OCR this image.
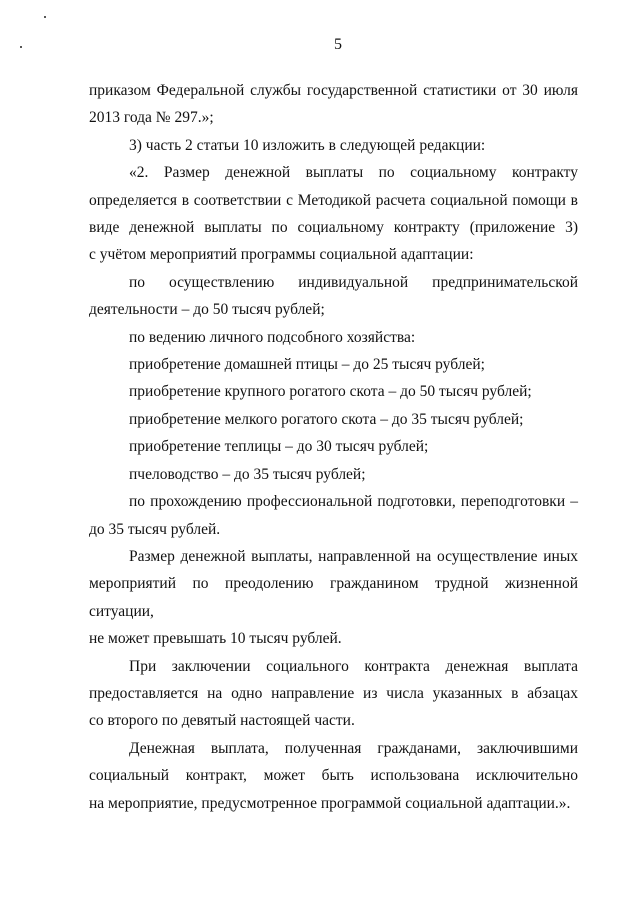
5
приказом Федеральной службы государственной статистики от 30 июля
2013 года № 297.»;
3) часть 2 статьи 10 изложить в следующей редакции:
«2. Размер денежной выплаты по социальному контракту
определяется в соответствии с Методикой расчета социальной помощи в
виде денежной выплаты по социальному контракту (приложение 3)
с учётом мероприятий программы социальной адаптации:
по осуществлению индивидуальной предпринимательской
деятельности – до 50 тысяч рублей;
по ведению личного подсобного хозяйства:
приобретение домашней птицы – до 25 тысяч рублей;
приобретение крупного рогатого скота – до 50 тысяч рублей;
приобретение мелкого рогатого скота – до 35 тысяч рублей;
приобретение теплицы – до 30 тысяч рублей;
пчеловодство – до 35 тысяч рублей;
по прохождению профессиональной подготовки, переподготовки –
до 35 тысяч рублей.
Размер денежной выплаты, направленной на осуществление иных
мероприятий по преодолению гражданином трудной жизненной ситуации,
не может превышать 10 тысяч рублей.
При заключении социального контракта денежная выплата
предоставляется на одно направление из числа указанных в абзацах
со второго по девятый настоящей части.
Денежная выплата, полученная гражданами, заключившими
социальный контракт, может быть использована исключительно
на мероприятие, предусмотренное программой социальной адаптации.».
